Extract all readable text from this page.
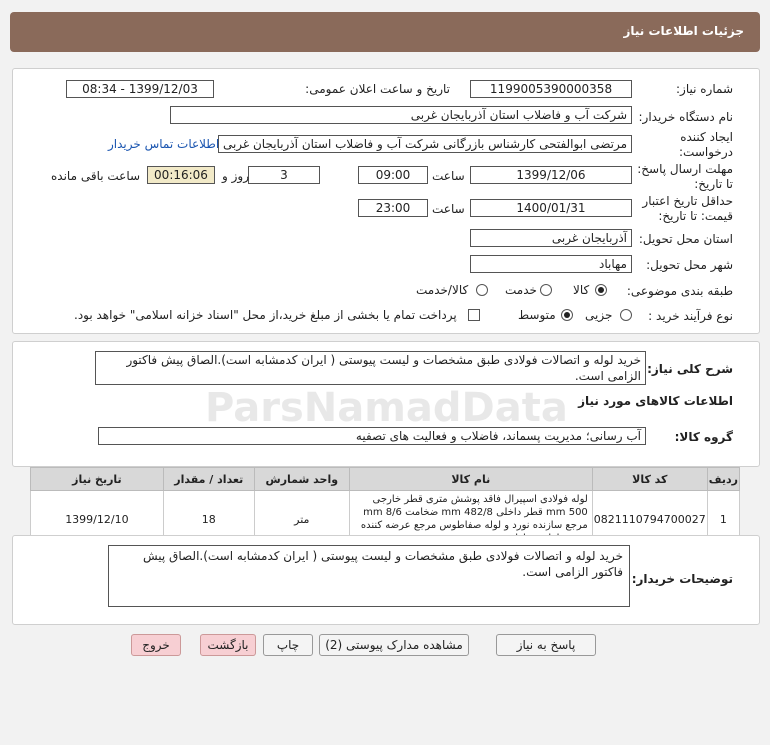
جزئیات اطلاعات نیاز
شماره نیاز:
1199005390000358
تاریخ و ساعت اعلان عمومی:
1399/12/03 - 08:34
نام دستگاه خریدار:
شرکت آب و فاضلاب استان آذربایجان غربی
ایجاد کننده درخواست:
مرتضی ابوالفتحی کارشناس بازرگانی شرکت آب و فاضلاب استان آذربایجان غربی
اطلاعات تماس خریدار
مهلت ارسال پاسخ: تا تاریخ:
1399/12/06
ساعت
09:00
3
روز و
00:16:06
ساعت باقی مانده
حداقل تاریخ اعتبار قیمت: تا تاریخ:
1400/01/31
ساعت
23:00
استان محل تحویل:
آذربایجان غربی
شهر محل تحویل:
مهاباد
طبقه بندی موضوعی:
کالا
خدمت
کالا/خدمت
نوع فرآیند خرید :
جزیی
متوسط
پرداخت تمام یا بخشی از مبلغ خرید،از محل "اسناد خزانه اسلامی" خواهد بود.
شرح کلی نیاز:
خرید لوله و اتصالات فولادی طبق مشخصات و لیست پیوستی ( ایران کدمشابه است).الصاق پیش فاکتور الزامی است.
اطلاعات کالاهای مورد نیاز
گروه کالا:
آب رسانی؛ مدیریت پسماند، فاضلاب و فعالیت های تصفیه
ردیف	کد کالا	نام کالا	واحد شمارش	تعداد / مقدار	تاریخ نیاز
1	0821110794700027	لوله فولادی اسپیرال فاقد پوشش متری قطر خارجی 500 mm قطر داخلی 482/8 mm ضخامت 8/6 mm مرجع سازنده نورد و لوله صفاطوس مرجع عرضه کننده	متر	18	1399/12/10
توضیحات خریدار:
خرید لوله و اتصالات فولادی طبق مشخصات و لیست پیوستی ( ایران کدمشابه است).الصاق پیش فاکتور الزامی است.
ParsNamadData
پاسخ به نیاز
مشاهده مدارک پیوستی (2)
چاپ
بازگشت
خروج
